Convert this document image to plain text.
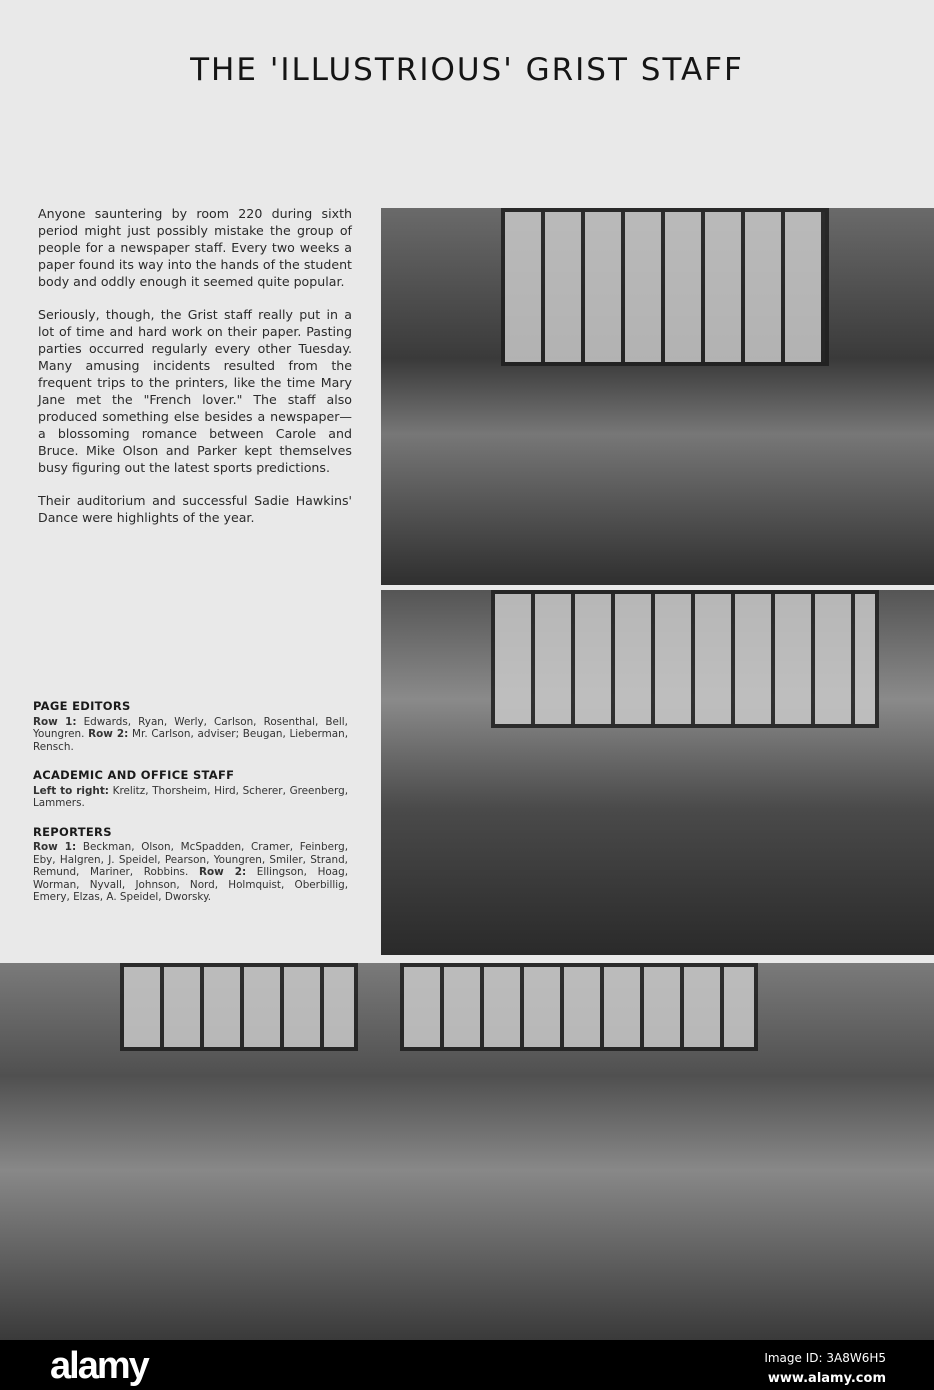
THE 'ILLUSTRIOUS' GRIST STAFF

Anyone sauntering by room 220 during sixth period might just possibly mistake the group of people for a newspaper staff. Every two weeks a paper found its way into the hands of the student body and oddly enough it seemed quite popular.

Seriously, though, the Grist staff really put in a lot of time and hard work on their paper. Pasting parties occurred regularly every other Tuesday. Many amusing incidents resulted from the frequent trips to the printers, like the time Mary Jane met the "French lover." The staff also produced something else besides a newspaper—a blossoming romance between Carole and Bruce. Mike Olson and Parker kept themselves busy figuring out the latest sports predictions.

Their auditorium and successful Sadie Hawkins' Dance were highlights of the year.

PAGE EDITORS
Row 1: Edwards, Ryan, Werly, Carlson, Rosenthal, Bell, Youngren. Row 2: Mr. Carlson, adviser; Beugan, Lieberman, Rensch.
ACADEMIC AND OFFICE STAFF
Left to right: Krelitz, Thorsheim, Hird, Scherer, Greenberg, Lammers.
REPORTERS
Row 1: Beckman, Olson, McSpadden, Cramer, Feinberg, Eby, Halgren, J. Speidel, Pearson, Youngren, Smiler, Strand, Remund, Mariner, Robbins. Row 2: Ellingson, Hoag, Worman, Nyvall, Johnson, Nord, Holmquist, Oberbillig, Emery, Elzas, A. Speidel, Dworsky.
alamy	Image ID: 3A8W6H5
www.alamy.com
